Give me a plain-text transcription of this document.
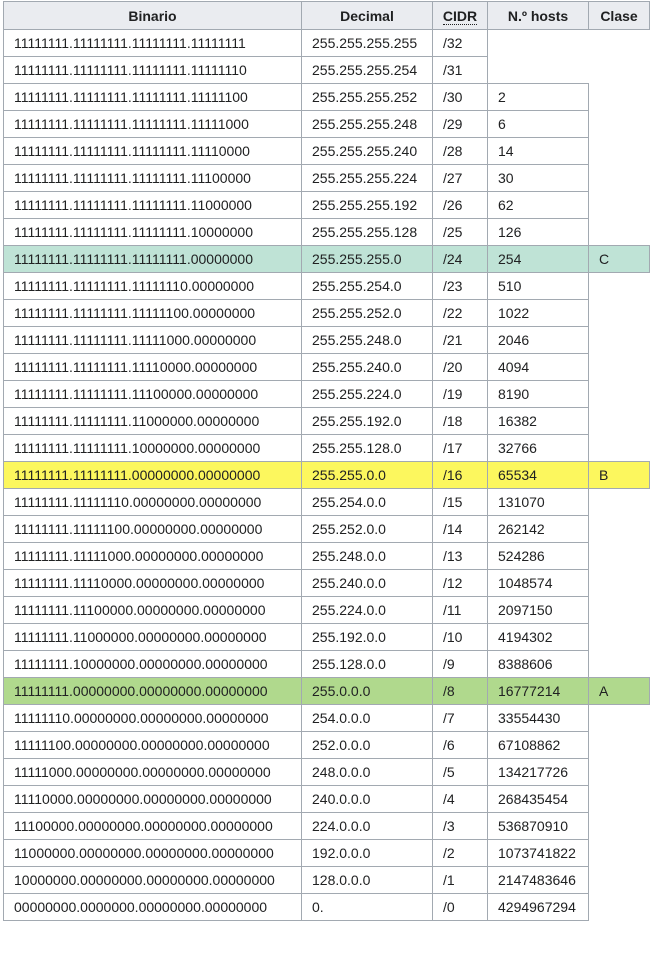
Binario	Decimal	CIDR	N.º hosts	Clase
11111111.11111111.11111111.11111111	255.255.255.255	/32		
11111111.11111111.11111111.11111110	255.255.255.254	/31		
11111111.11111111.11111111.11111100	255.255.255.252	/30	2	
11111111.11111111.11111111.11111000	255.255.255.248	/29	6	
11111111.11111111.11111111.11110000	255.255.255.240	/28	14	
11111111.11111111.11111111.11100000	255.255.255.224	/27	30	
11111111.11111111.11111111.11000000	255.255.255.192	/26	62	
11111111.11111111.11111111.10000000	255.255.255.128	/25	126	
11111111.11111111.11111111.00000000	255.255.255.0	/24	254	C
11111111.11111111.11111110.00000000	255.255.254.0	/23	510	
11111111.11111111.11111100.00000000	255.255.252.0	/22	1022	
11111111.11111111.11111000.00000000	255.255.248.0	/21	2046	
11111111.11111111.11110000.00000000	255.255.240.0	/20	4094	
11111111.11111111.11100000.00000000	255.255.224.0	/19	8190	
11111111.11111111.11000000.00000000	255.255.192.0	/18	16382	
11111111.11111111.10000000.00000000	255.255.128.0	/17	32766	
11111111.11111111.00000000.00000000	255.255.0.0	/16	65534	B
11111111.11111110.00000000.00000000	255.254.0.0	/15	131070	
11111111.11111100.00000000.00000000	255.252.0.0	/14	262142	
11111111.11111000.00000000.00000000	255.248.0.0	/13	524286	
11111111.11110000.00000000.00000000	255.240.0.0	/12	1048574	
11111111.11100000.00000000.00000000	255.224.0.0	/11	2097150	
11111111.11000000.00000000.00000000	255.192.0.0	/10	4194302	
11111111.10000000.00000000.00000000	255.128.0.0	/9	8388606	
11111111.00000000.00000000.00000000	255.0.0.0	/8	16777214	A
11111110.00000000.00000000.00000000	254.0.0.0	/7	33554430	
11111100.00000000.00000000.00000000	252.0.0.0	/6	67108862	
11111000.00000000.00000000.00000000	248.0.0.0	/5	134217726	
11110000.00000000.00000000.00000000	240.0.0.0	/4	268435454	
11100000.00000000.00000000.00000000	224.0.0.0	/3	536870910	
11000000.00000000.00000000.00000000	192.0.0.0	/2	1073741822	
10000000.00000000.00000000.00000000	128.0.0.0	/1	2147483646	
00000000.0000000.00000000.00000000	0.	/0	4294967294	
